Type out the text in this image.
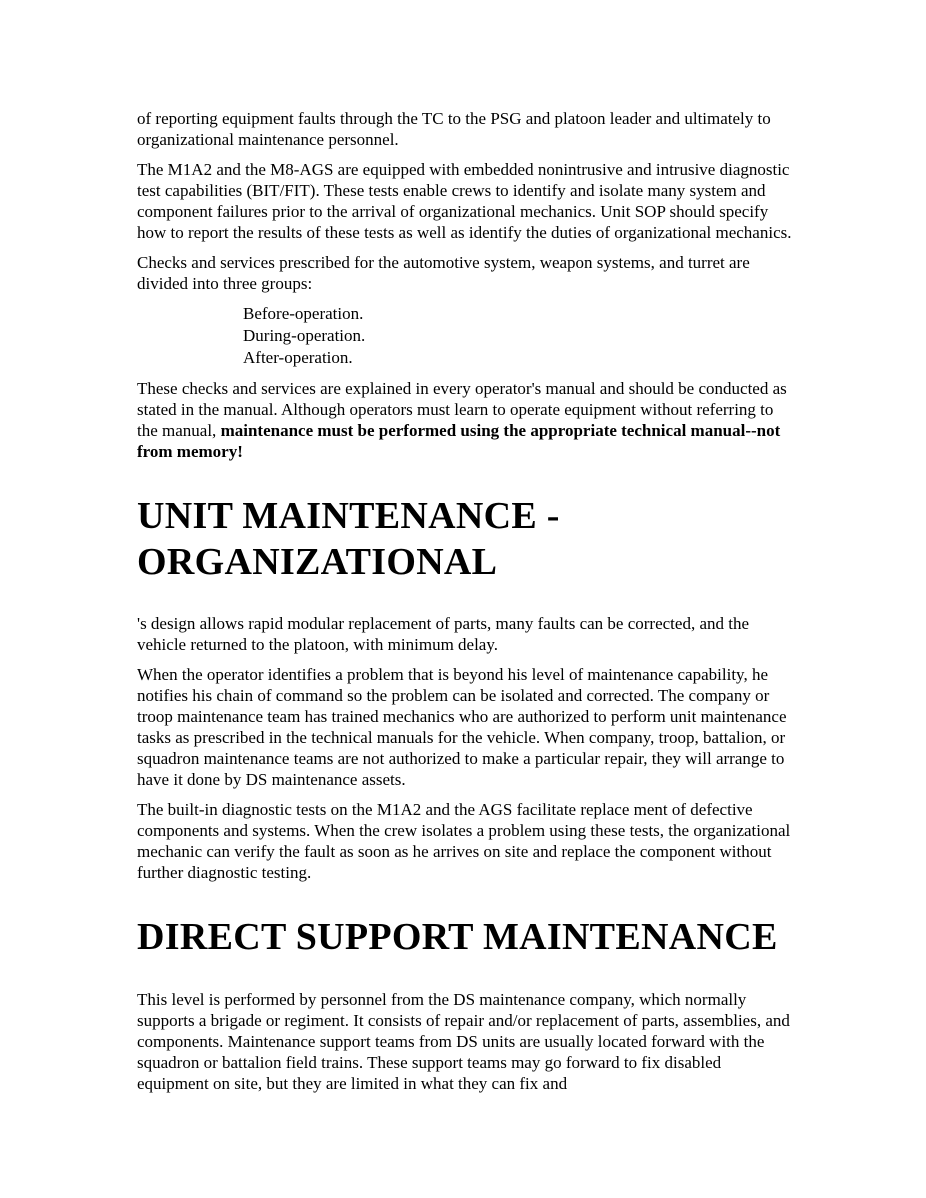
of reporting equipment faults through the TC to the PSG and platoon leader and ultimately to organizational maintenance personnel.

The M1A2 and the M8-AGS are equipped with embedded nonintrusive and intrusive diagnostic test capabilities (BIT/FIT). These tests enable crews to identify and isolate many system and component failures prior to the arrival of organizational mechanics. Unit SOP should specify how to report the results of these tests as well as identify the duties of organizational mechanics.

Checks and services prescribed for the automotive system, weapon systems, and turret are divided into three groups:

Before-operation.
During-operation.
After-operation.

These checks and services are explained in every operator's manual and should be conducted as stated in the manual. Although operators must learn to operate equipment without referring to the manual, maintenance must be performed using the appropriate technical manual--not from memory!

UNIT MAINTENANCE -
ORGANIZATIONAL

's design allows rapid modular replacement of parts, many faults can be corrected, and the vehicle returned to the platoon, with minimum delay.

When the operator identifies a problem that is beyond his level of maintenance capability, he notifies his chain of command so the problem can be isolated and corrected. The company or troop maintenance team has trained mechanics who are authorized to perform unit maintenance tasks as prescribed in the technical manuals for the vehicle. When company, troop, battalion, or squadron maintenance teams are not authorized to make a particular repair, they will arrange to have it done by DS maintenance assets.

The built-in diagnostic tests on the M1A2 and the AGS facilitate replace ment of defective components and systems. When the crew isolates a problem using these tests, the organizational mechanic can verify the fault as soon as he arrives on site and replace the component without further diagnostic testing.

DIRECT SUPPORT MAINTENANCE

This level is performed by personnel from the DS maintenance company, which normally supports a brigade or regiment. It consists of repair and/or replacement of parts, assemblies, and components. Maintenance support teams from DS units are usually located forward with the squadron or battalion field trains. These support teams may go forward to fix disabled equipment on site, but they are limited in what they can fix and
